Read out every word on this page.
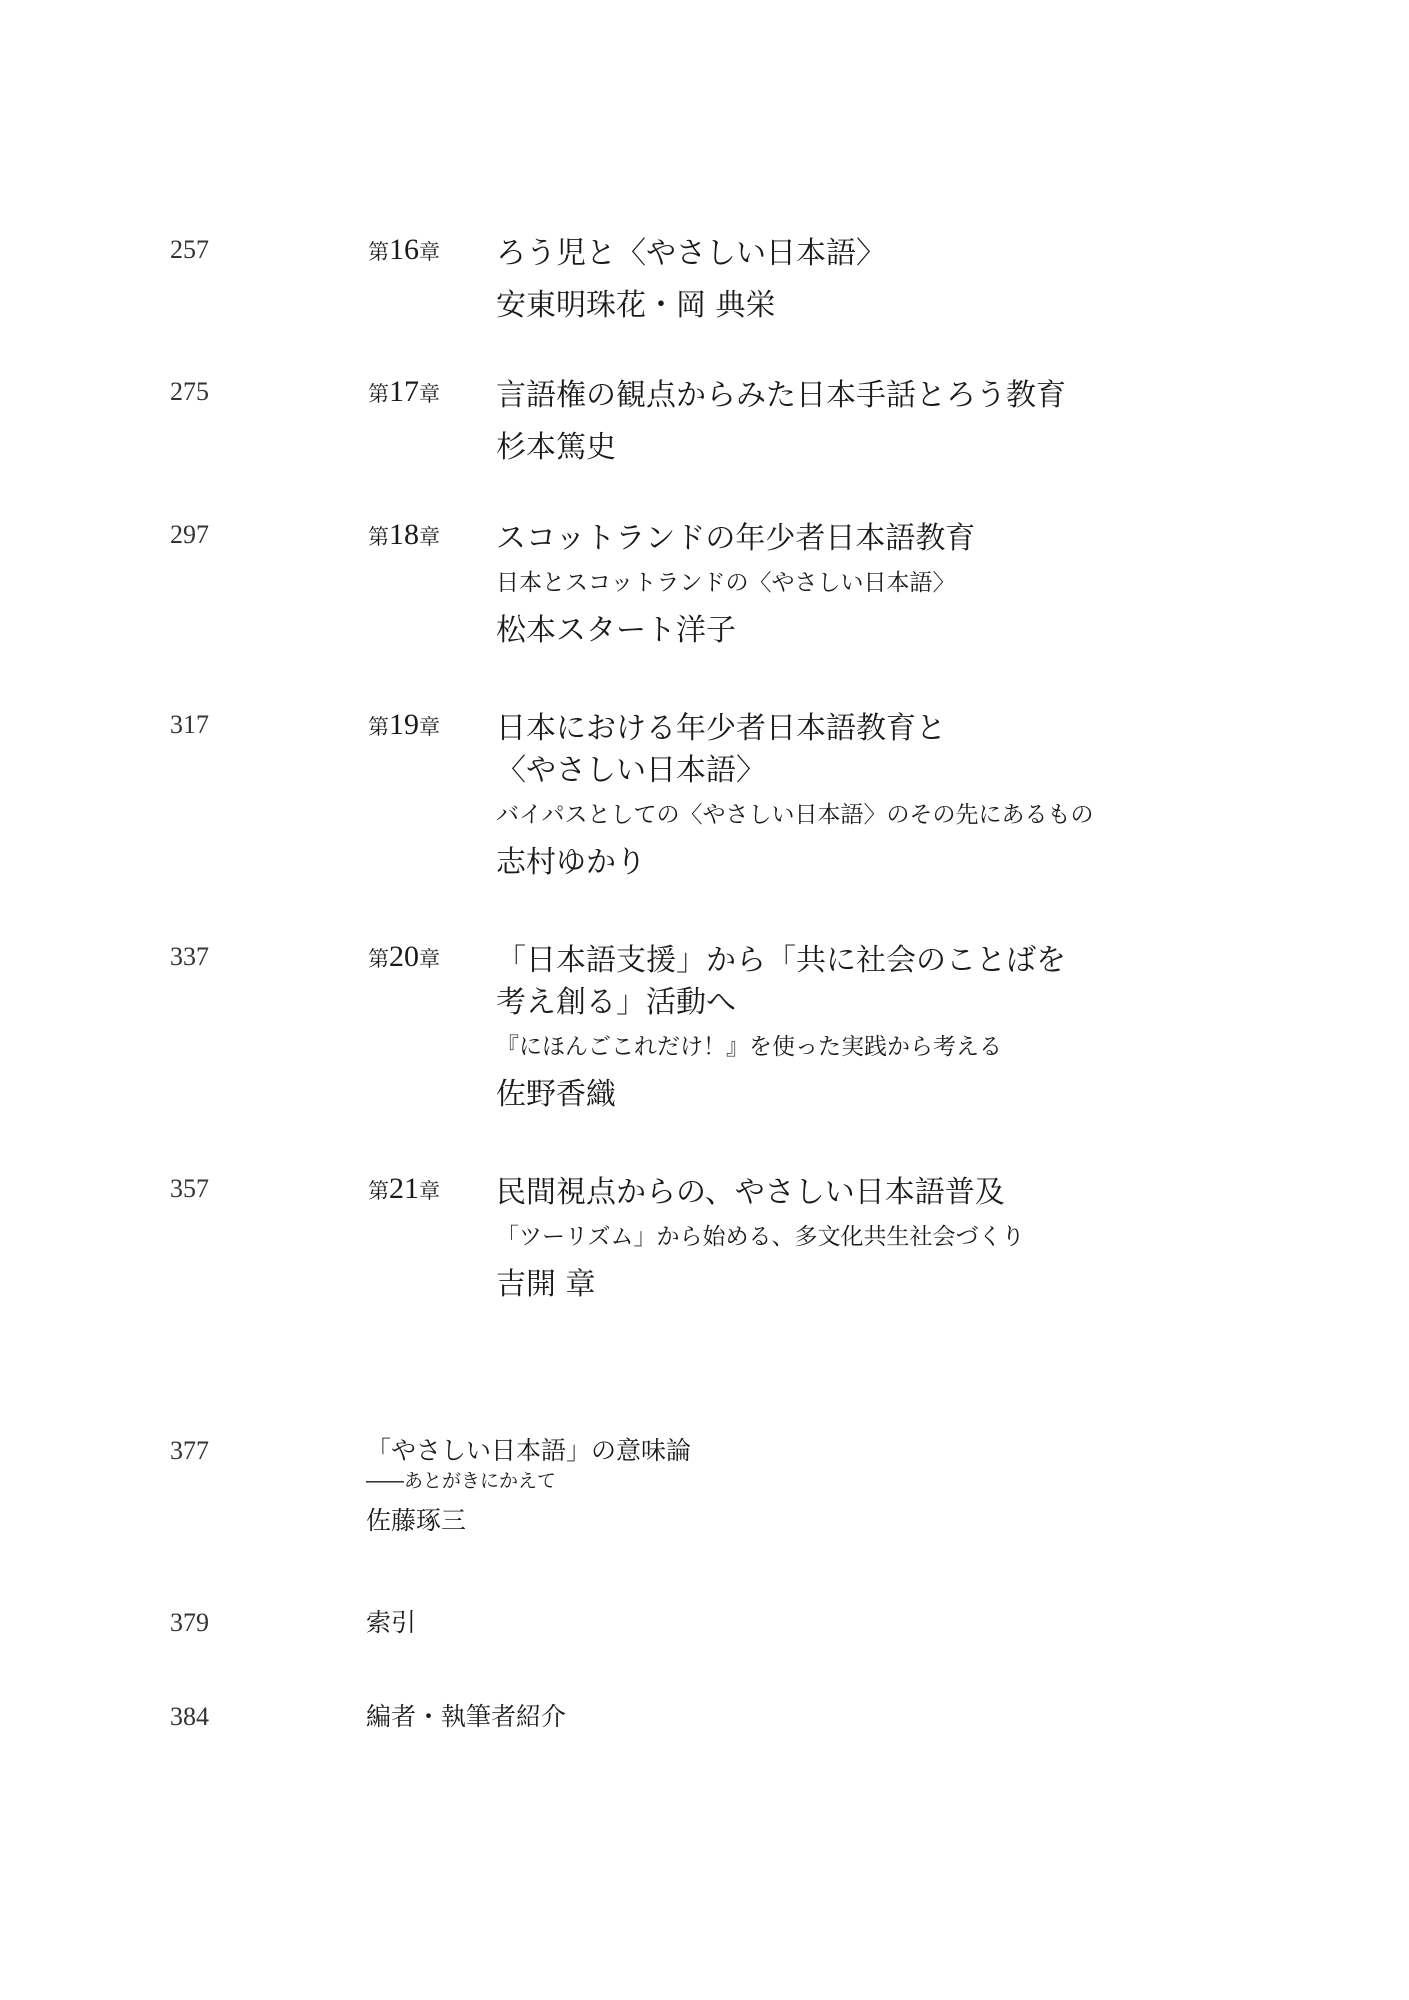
257	第16章 ろう児と〈やさしい日本語〉
安東明珠花・岡 典栄
275	第17章 言語権の観点からみた日本手話とろう教育
杉本篤史
297	第18章 スコットランドの年少者日本語教育
日本とスコットランドの〈やさしい日本語〉
松本スタート洋子
317	第19章 日本における年少者日本語教育と
〈やさしい日本語〉
バイパスとしての〈やさしい日本語〉のその先にあるもの
志村ゆかり
337	第20章 「日本語支援」から「共に社会のことばを
考え創る」活動へ
『にほんごこれだけ！』を使った実践から考える
佐野香織
357	第21章 民間視点からの、やさしい日本語普及
「ツーリズム」から始める、多文化共生社会づくり
吉開 章
377	「やさしい日本語」の意味論
――あとがきにかえて
佐藤琢三
379	索引
384	編者・執筆者紹介
